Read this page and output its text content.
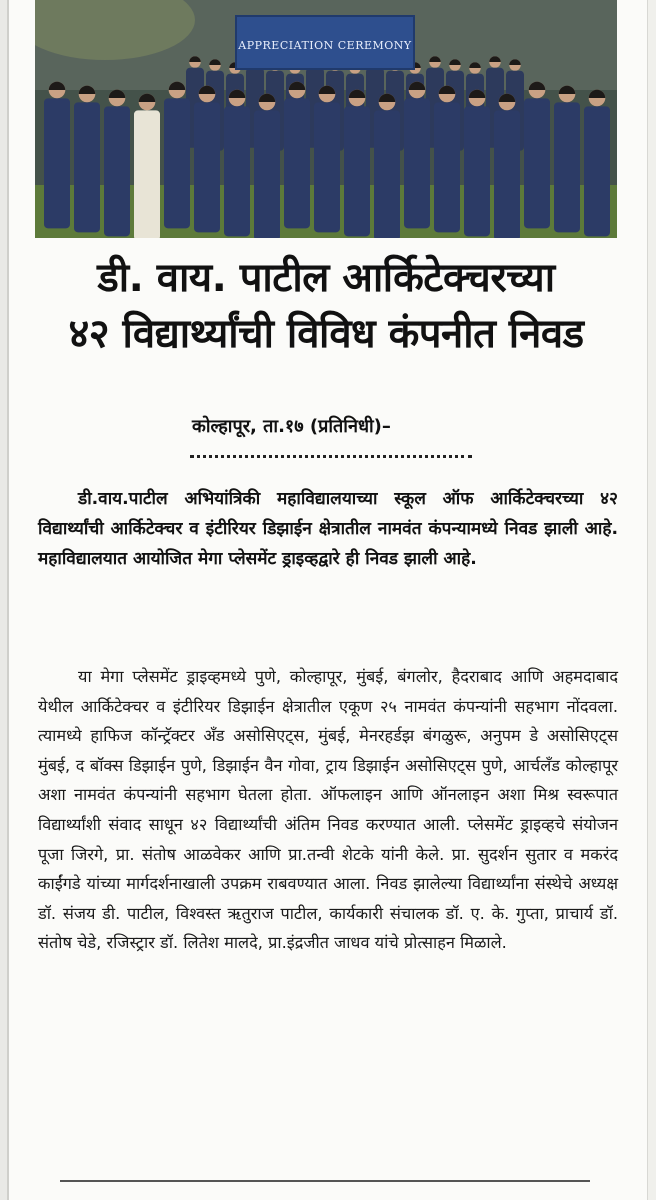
APPRECIATION CEREMONY
डी. वाय. पाटील आर्किटेक्चरच्या
४२ विद्यार्थ्यांची विविध कंपनीत निवड
कोल्हापूर, ता.१७ (प्रतिनिधी)–
डी.वाय.पाटील अभियांत्रिकी महाविद्यालयाच्या स्कूल ऑफ आर्किटेक्चरच्या ४२ विद्यार्थ्यांची आर्किटेक्चर व इंटीरियर डिझाईन क्षेत्रातील नामवंत कंपन्यामध्ये निवड झाली आहे. महाविद्यालयात आयोजित मेगा प्लेसमेंट ड्राइव्हद्वारे ही निवड झाली आहे.
या मेगा प्लेसमेंट ड्राइव्हमध्ये पुणे, कोल्हापूर, मुंबई, बंगलोर, हैदराबाद आणि अहमदाबाद येथील आर्किटेक्चर व इंटीरियर डिझाईन क्षेत्रातील एकूण २५ नामवंत कंपन्यांनी सहभाग नोंदवला. त्यामध्ये हाफिज कॉन्ट्रॅक्टर अँड असोसिएट्स, मुंबई, मेनरहर्डझ बंगळुरू, अनुपम डे असोसिएट्स मुंबई, द बॉक्स डिझाईन पुणे, डिझाईन वैन गोवा, ट्राय डिझाईन असोसिएट्स पुणे, आर्चलँड कोल्हापूर अशा नामवंत कंपन्यांनी सहभाग घेतला होता. ऑफलाइन आणि ऑनलाइन अशा मिश्र स्वरूपात विद्यार्थ्यांशी संवाद साधून ४२ विद्यार्थ्यांची अंतिम निवड करण्यात आली. प्लेसमेंट ड्राइव्हचे संयोजन पूजा जिरगे, प्रा. संतोष आळवेकर आणि प्रा.तन्वी शेटके यांनी केले. प्रा. सुदर्शन सुतार व मकरंद काईंगडे यांच्या मार्गदर्शनाखाली उपक्रम राबवण्यात आला. निवड झालेल्या विद्यार्थ्यांना संस्थेचे अध्यक्ष डॉ. संजय डी. पाटील, विश्वस्त ऋतुराज पाटील, कार्यकारी संचालक डॉ. ए. के. गुप्ता, प्राचार्य डॉ. संतोष चेडे, रजिस्ट्रार डॉ. लितेश मालदे, प्रा.इंद्रजीत जाधव यांचे प्रोत्साहन मिळाले.
